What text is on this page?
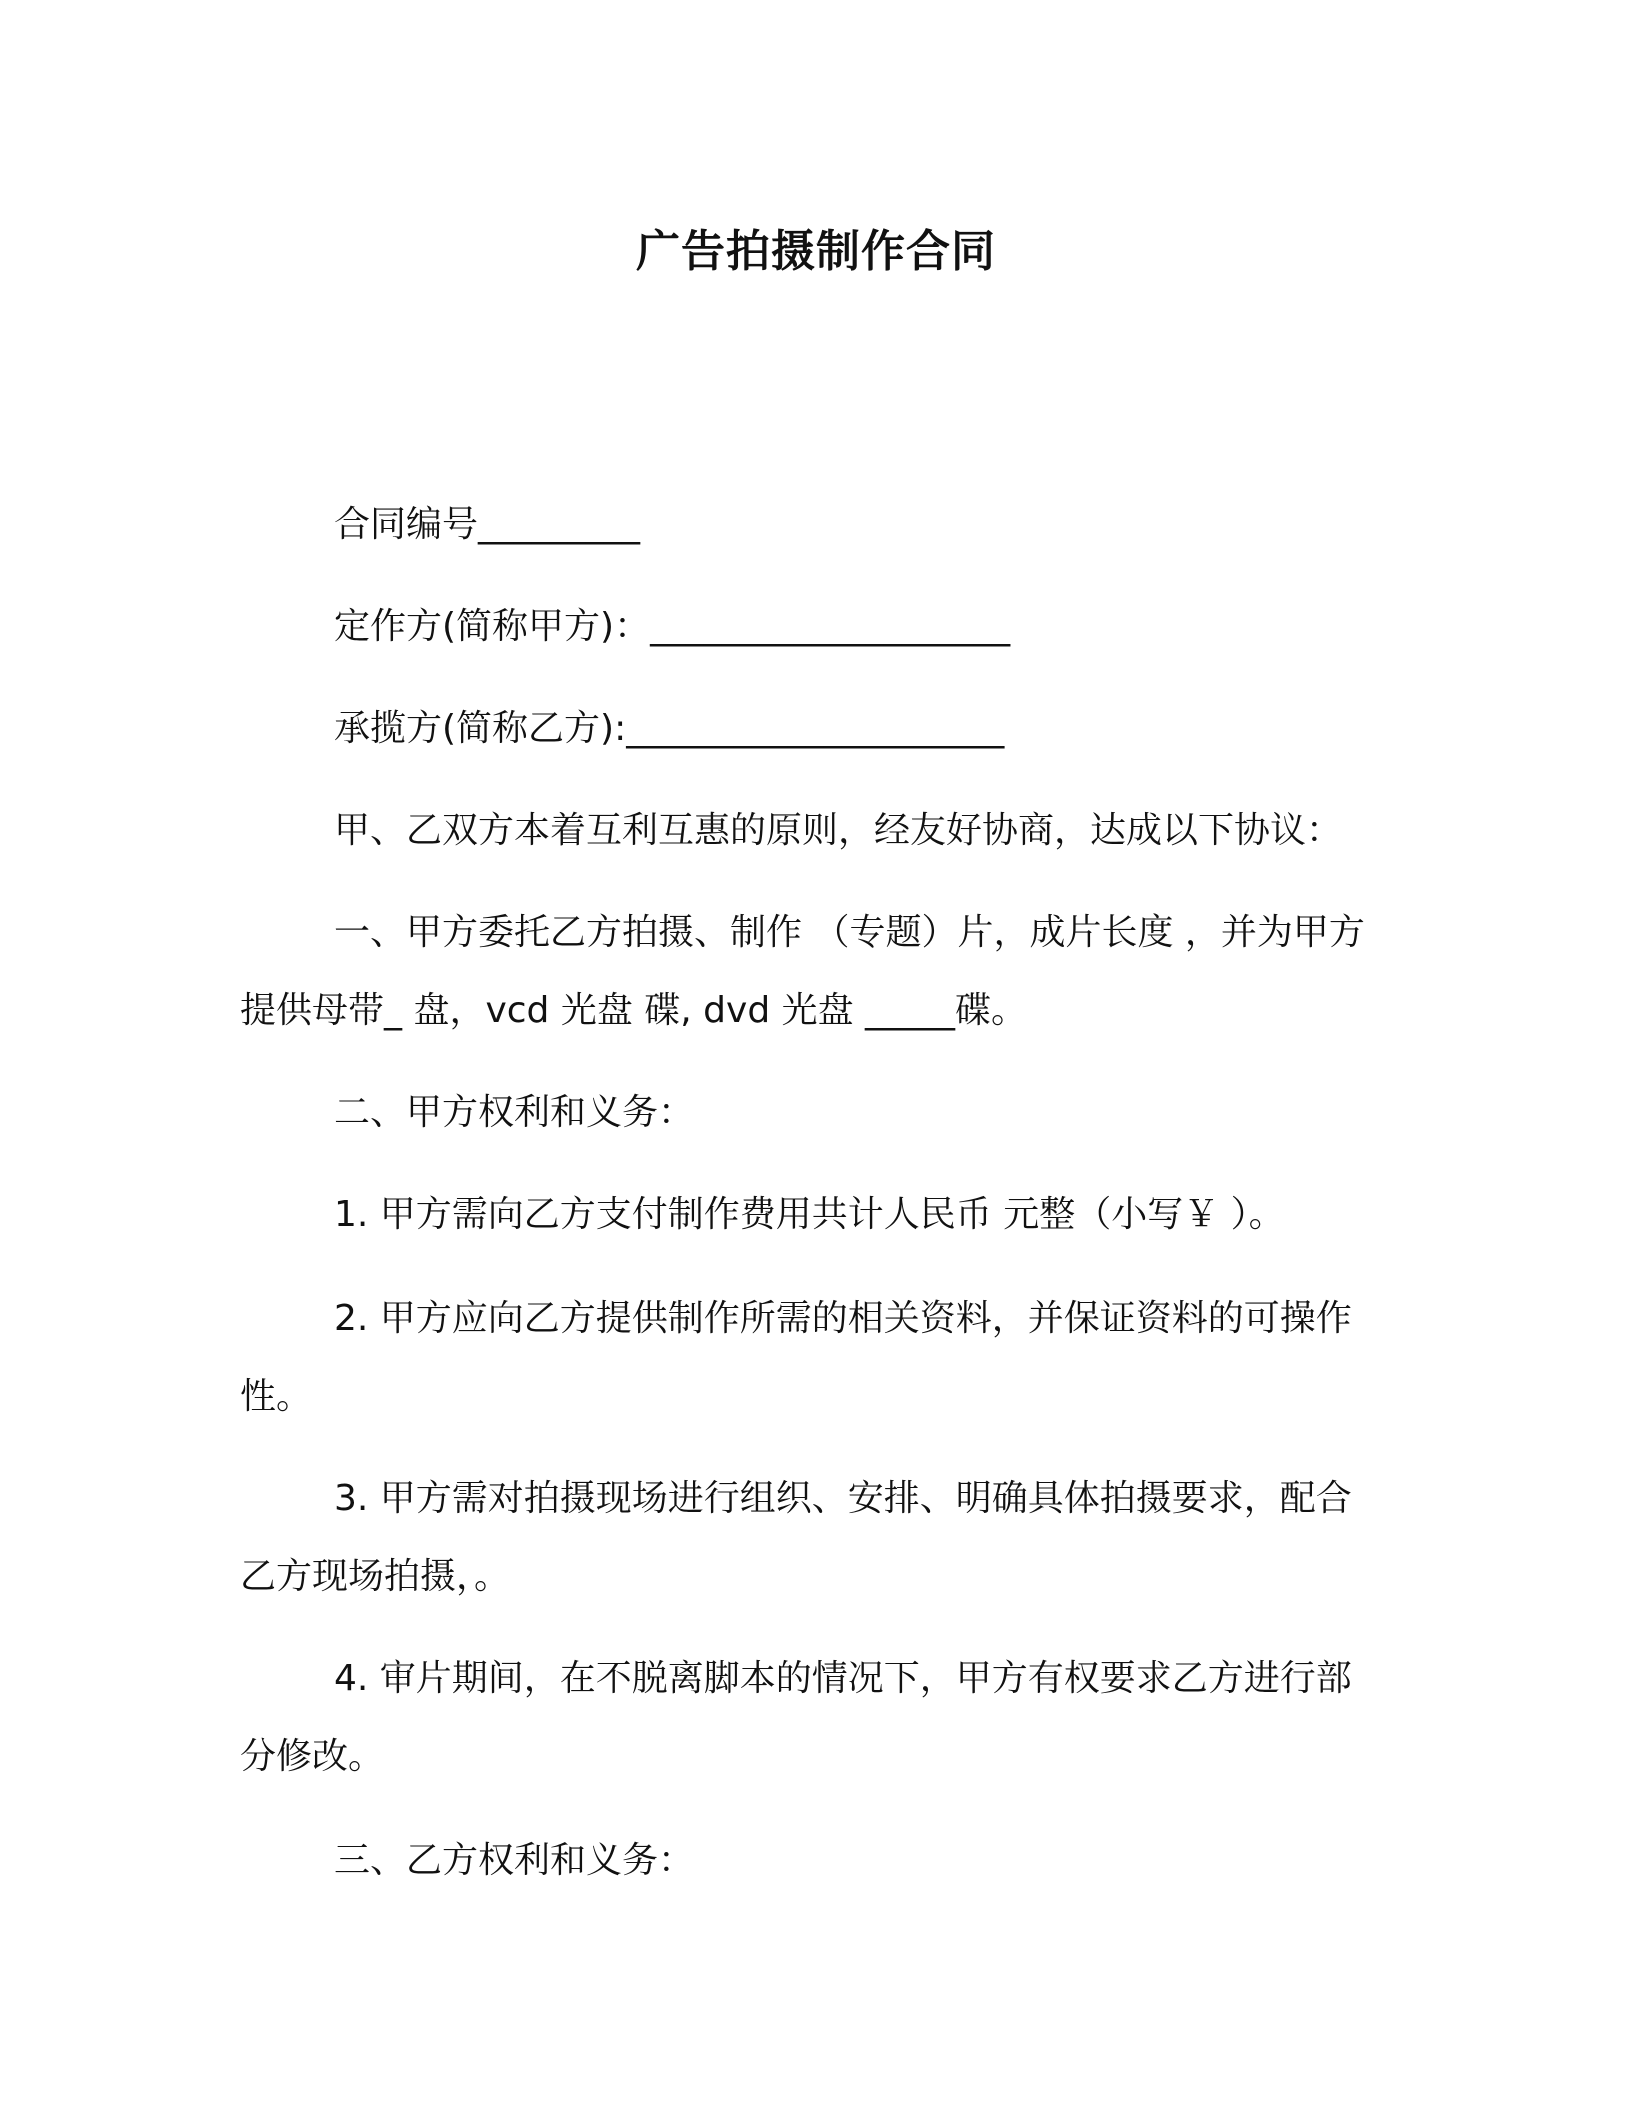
广告拍摄制作合同
合同编号_________
定作方(简称甲方)：____________________
承揽方(简称乙方):_____________________
甲、乙双方本着互利互惠的原则，经友好协商，达成以下协议：
一、甲方委托乙方拍摄、制作 （专题）片，成片长度 ，并为甲方提供母带_ 盘，vcd 光盘 碟, dvd 光盘 _____碟。
二、甲方权利和义务：
1. 甲方需向乙方支付制作费用共计人民币 元整（小写￥ ）。
2. 甲方应向乙方提供制作所需的相关资料，并保证资料的可操作性。
3. 甲方需对拍摄现场进行组织、安排、明确具体拍摄要求，配合乙方现场拍摄，。
4. 审片期间，在不脱离脚本的情况下，甲方有权要求乙方进行部分修改。
三、乙方权利和义务：
